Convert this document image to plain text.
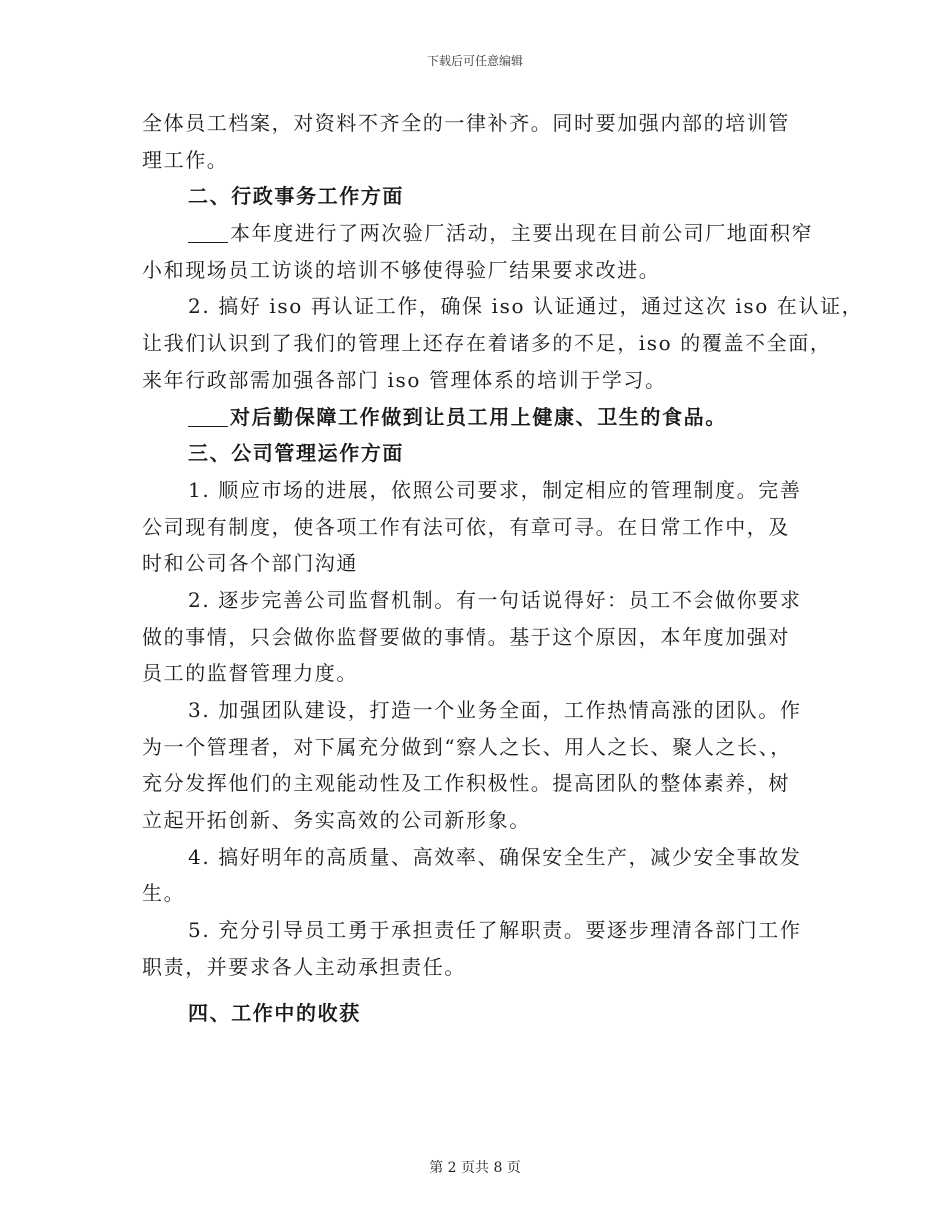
下载后可任意编辑
全体员工档案，对资料不齐全的一律补齐。同时要加强内部的培训管
理工作。
二、行政事务工作方面
本年度进行了两次验厂活动，主要出现在目前公司厂地面积窄
小和现场员工访谈的培训不够使得验厂结果要求改进。
2. 搞好 iso 再认证工作，确保 iso 认证通过，通过这次 iso 在认证，
让我们认识到了我们的管理上还存在着诸多的不足，iso 的覆盖不全面，
来年行政部需加强各部门 iso 管理体系的培训于学习。
对后勤保障工作做到让员工用上健康、卫生的食品。
三、公司管理运作方面
1. 顺应市场的进展，依照公司要求，制定相应的管理制度。完善
公司现有制度，使各项工作有法可依，有章可寻。在日常工作中，及
时和公司各个部门沟通
2. 逐步完善公司监督机制。有一句话说得好：员工不会做你要求
做的事情，只会做你监督要做的事情。基于这个原因，本年度加强对
员工的监督管理力度。
3. 加强团队建设，打造一个业务全面，工作热情高涨的团队。作
为一个管理者，对下属充分做到“察人之长、用人之长、聚人之长、，
充分发挥他们的主观能动性及工作积极性。提高团队的整体素养，树
立起开拓创新、务实高效的公司新形象。
4. 搞好明年的高质量、高效率、确保安全生产，减少安全事故发
生。
5. 充分引导员工勇于承担责任了解职责。要逐步理清各部门工作
职责，并要求各人主动承担责任。
四、工作中的收获
第 2 页共 8 页
